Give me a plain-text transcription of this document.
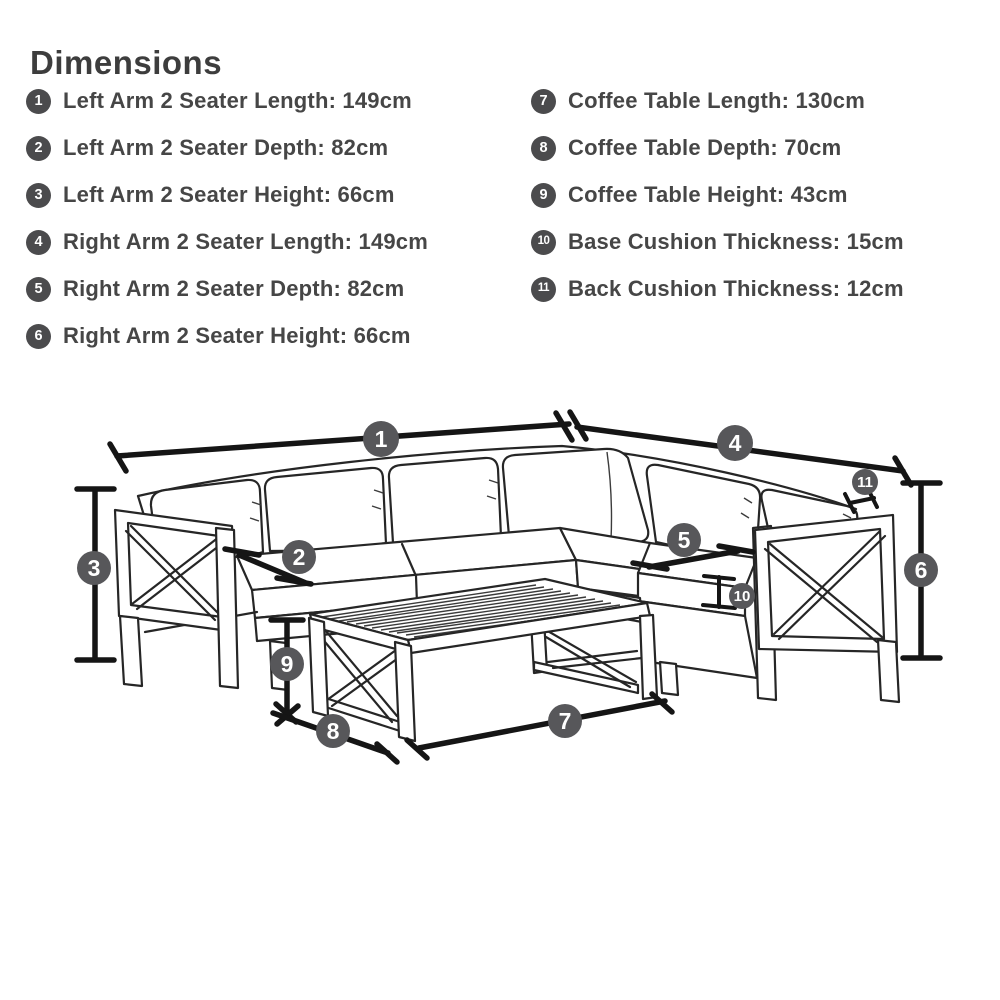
Dimensions
1 Left Arm 2 Seater Length: 149cm
2 Left Arm 2 Seater Depth: 82cm
3 Left Arm 2 Seater Height: 66cm
4 Right Arm 2 Seater Length: 149cm
5 Right Arm 2 Seater Depth: 82cm
6 Right Arm 2 Seater Height: 66cm
7 Coffee Table Length: 130cm
8 Coffee Table Depth: 70cm
9 Coffee Table Height: 43cm
10 Base Cushion Thickness: 15cm
11 Back Cushion Thickness: 12cm
1
2
3
4
5
6
7
8
9
10
11
